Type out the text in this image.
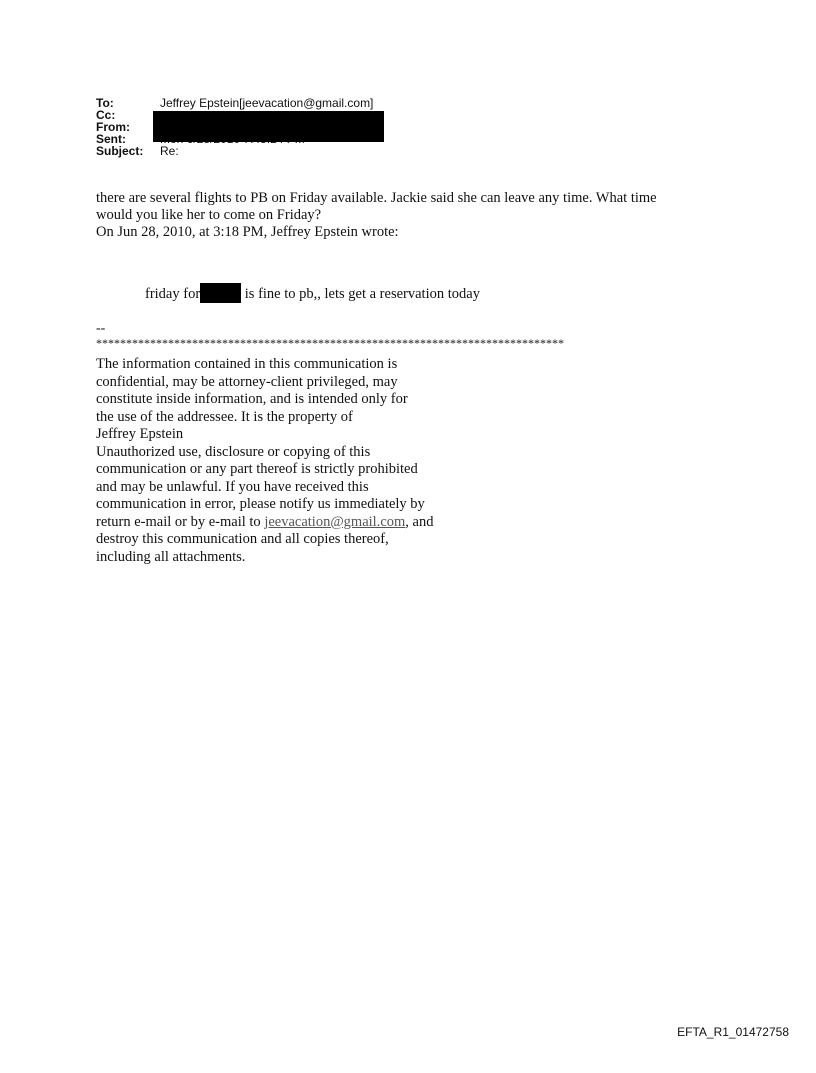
To:	Jeffrey Epstein[jeevacation@gmail.com]
Cc:
From:
Sent:
Subject: Re:
there are several flights to PB on Friday available. Jackie said she can leave any time. What time
would you like her to come on Friday?
On Jun 28, 2010, at 3:18 PM, Jeffrey Epstein wrote:
friday for	is fine to pb,, lets get a reservation today
--
******************************************************************************
The information contained in this communication is
confidential, may be attorney-client privileged, may
constitute inside information, and is intended only for
the use of the addressee. It is the property of
Jeffrey Epstein
Unauthorized use, disclosure or copying of this
communication or any part thereof is strictly prohibited
and may be unlawful. If you have received this
communication in error, please notify us immediately by
return e-mail or by e-mail to jeevacation@gmail.com, and
destroy this communication and all copies thereof,
including all attachments.
EFTA_R1_01472758
